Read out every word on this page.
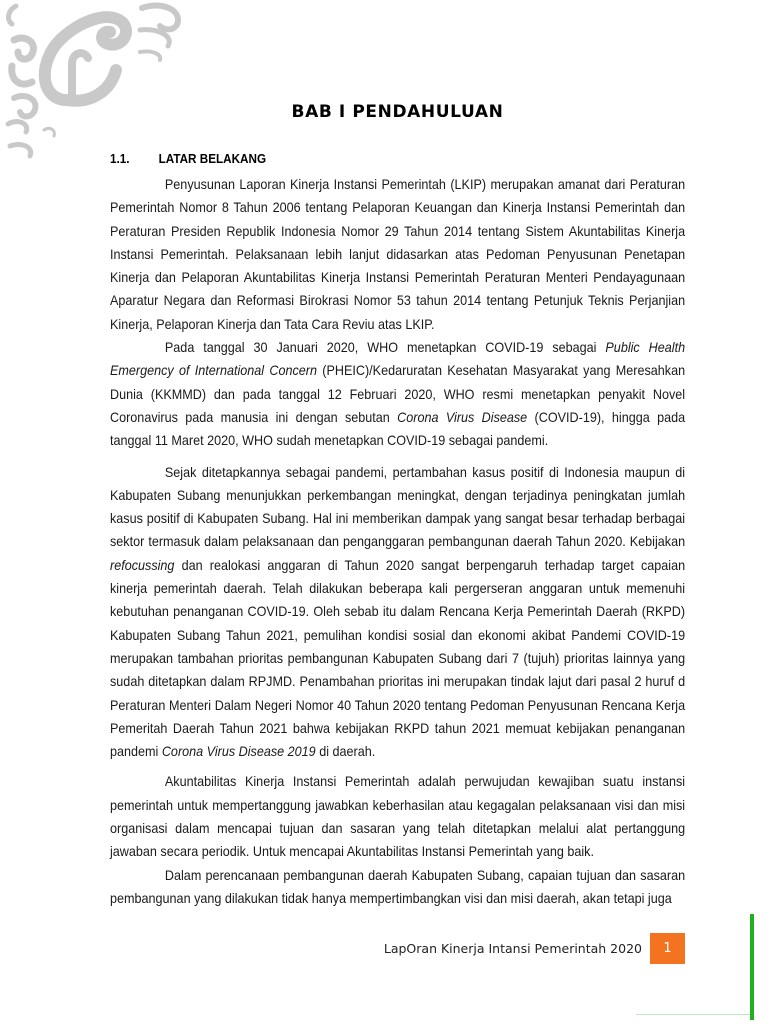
BAB I PENDAHULUAN
1.1. LATAR BELAKANG

Penyusunan Laporan Kinerja Instansi Pemerintah (LKIP) merupakan amanat dari Peraturan Pemerintah Nomor 8 Tahun 2006 tentang Pelaporan Keuangan dan Kinerja Instansi Pemerintah dan Peraturan Presiden Republik Indonesia Nomor 29 Tahun 2014 tentang Sistem Akuntabilitas Kinerja Instansi Pemerintah. Pelaksanaan lebih lanjut didasarkan atas Pedoman Penyusunan Penetapan Kinerja dan Pelaporan Akuntabilitas Kinerja Instansi Pemerintah Peraturan Menteri Pendayagunaan Aparatur Negara dan Reformasi Birokrasi Nomor 53 tahun 2014 tentang Petunjuk Teknis Perjanjian Kinerja, Pelaporan Kinerja dan Tata Cara Reviu atas LKIP.

Pada tanggal 30 Januari 2020, WHO menetapkan COVID-19 sebagai Public Health Emergency of International Concern (PHEIC)/Kedaruratan Kesehatan Masyarakat yang Meresahkan Dunia (KKMMD) dan pada tanggal 12 Februari 2020, WHO resmi menetapkan penyakit Novel Coronavirus pada manusia ini dengan sebutan Corona Virus Disease (COVID-19), hingga pada tanggal 11 Maret 2020, WHO sudah menetapkan COVID-19 sebagai pandemi.

Sejak ditetapkannya sebagai pandemi, pertambahan kasus positif di Indonesia maupun di Kabupaten Subang menunjukkan perkembangan meningkat, dengan terjadinya peningkatan jumlah kasus positif di Kabupaten Subang. Hal ini memberikan dampak yang sangat besar terhadap berbagai sektor termasuk dalam pelaksanaan dan penganggaran pembangunan daerah Tahun 2020. Kebijakan refocussing dan realokasi anggaran di Tahun 2020 sangat berpengaruh terhadap target capaian kinerja pemerintah daerah. Telah dilakukan beberapa kali pergerseran anggaran untuk memenuhi kebutuhan penanganan COVID-19. Oleh sebab itu dalam Rencana Kerja Pemerintah Daerah (RKPD) Kabupaten Subang Tahun 2021, pemulihan kondisi sosial dan ekonomi akibat Pandemi COVID-19 merupakan tambahan prioritas pembangunan Kabupaten Subang dari 7 (tujuh) prioritas lainnya yang sudah ditetapkan dalam RPJMD. Penambahan prioritas ini merupakan tindak lajut dari pasal 2 huruf d Peraturan Menteri Dalam Negeri Nomor 40 Tahun 2020 tentang Pedoman Penyusunan Rencana Kerja Pemeritah Daerah Tahun 2021 bahwa kebijakan RKPD tahun 2021 memuat kebijakan penanganan pandemi Corona Virus Disease 2019 di daerah.

Akuntabilitas Kinerja Instansi Pemerintah adalah perwujudan kewajiban suatu instansi pemerintah untuk mempertanggung jawabkan keberhasilan atau kegagalan pelaksanaan visi dan misi organisasi dalam mencapai tujuan dan sasaran yang telah ditetapkan melalui alat pertanggung jawaban secara periodik. Untuk mencapai Akuntabilitas Instansi Pemerintah yang baik.

Dalam perencanaan pembangunan daerah Kabupaten Subang, capaian tujuan dan sasaran pembangunan yang dilakukan tidak hanya mempertimbangkan visi dan misi daerah, akan tetapi juga

LapOran Kinerja Intansi Pemerintah 2020	1
